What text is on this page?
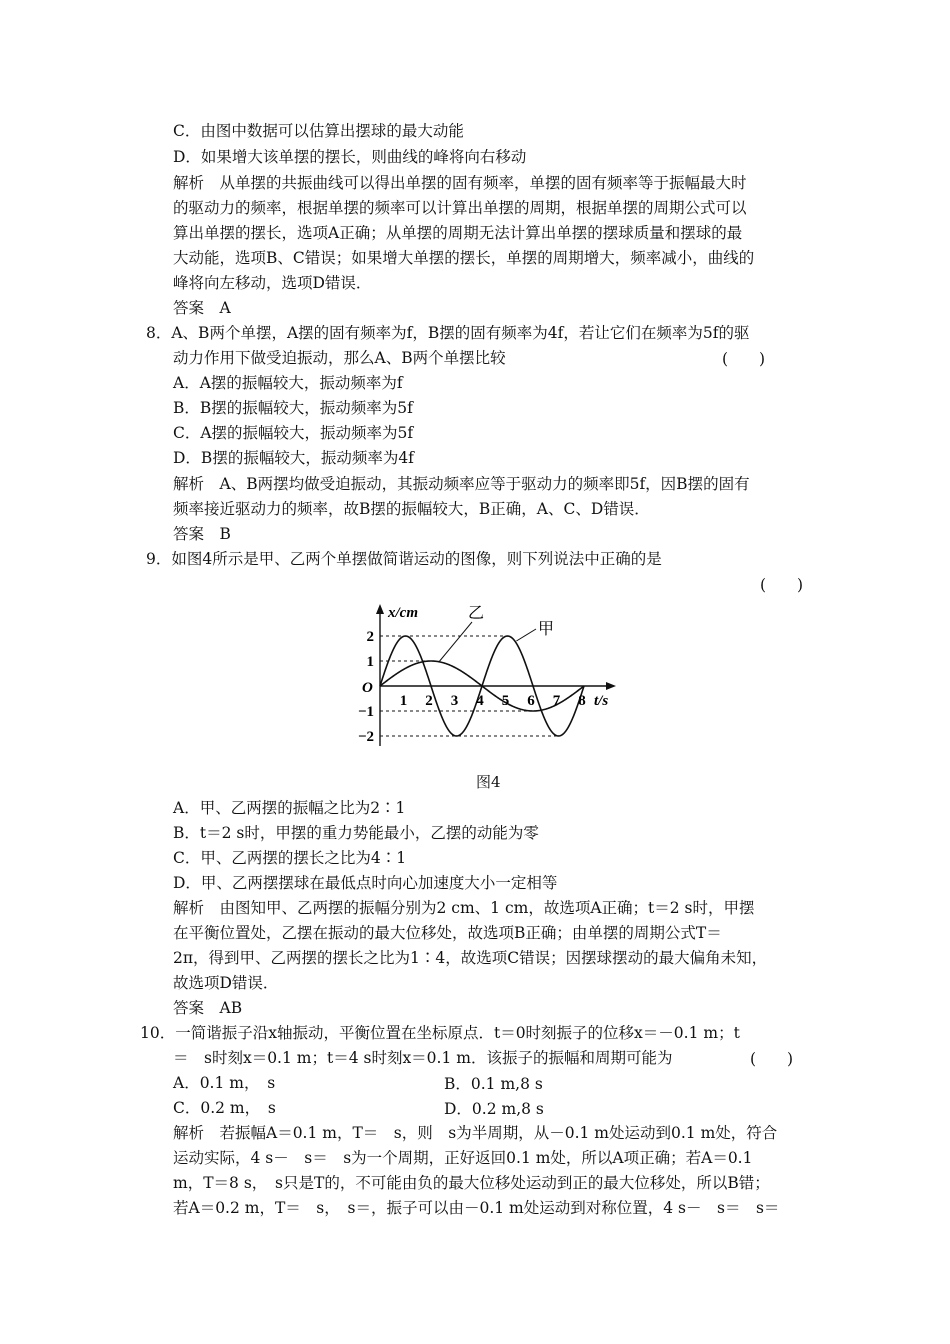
C．由图中数据可以估算出摆球的最大动能
D．如果增大该单摆的摆长，则曲线的峰将向右移动
解析　从单摆的共振曲线可以得出单摆的固有频率，单摆的固有频率等于振幅最大时
的驱动力的频率，根据单摆的频率可以计算出单摆的周期，根据单摆的周期公式可以
算出单摆的摆长，选项A正确；从单摆的周期无法计算出单摆的摆球质量和摆球的最
大动能，选项B、C错误；如果增大单摆的摆长，单摆的周期增大，频率减小，曲线的
峰将向左移动，选项D错误．
答案　A
8．A、B两个单摆，A摆的固有频率为f，B摆的固有频率为4f，若让它们在频率为5f的驱
动力作用下做受迫振动，那么A、B两个单摆比较	(　　)
A．A摆的振幅较大，振动频率为f
B．B摆的振幅较大，振动频率为5f
C．A摆的振幅较大，振动频率为5f
D．B摆的振幅较大，振动频率为4f
解析　A、B两摆均做受迫振动，其振动频率应等于驱动力的频率即5f，因B摆的固有
频率接近驱动力的频率，故B摆的振幅较大，B正确，A、C、D错误．
答案　B
9．如图4所示是甲、乙两个单摆做简谐运动的图像，则下列说法中正确的是
(　　)
x/cm
t/s
O
甲
乙
2
1
−1
−2
1 2 3 4 5 6 7 8
图4
A．甲、乙两摆的振幅之比为2∶1
B．t＝2 s时，甲摆的重力势能最小，乙摆的动能为零
C．甲、乙两摆的摆长之比为4∶1
D．甲、乙两摆摆球在最低点时向心加速度大小一定相等
解析　由图知甲、乙两摆的振幅分别为2 cm、1 cm，故选项A正确；t＝2 s时，甲摆
在平衡位置处，乙摆在振动的最大位移处，故选项B正确；由单摆的周期公式T＝
2π，得到甲、乙两摆的摆长之比为1∶4，故选项C错误；因摆球摆动的最大偏角未知，
故选项D错误．
答案　AB
10．一简谐振子沿x轴振动，平衡位置在坐标原点．t＝0时刻振子的位移x＝－0.1 m；t
＝　s时刻x＝0.1 m；t＝4 s时刻x＝0.1 m．该振子的振幅和周期可能为	(　　)
A．0.1 m，　s	B．0.1 m,8 s
C．0.2 m，　s	D．0.2 m,8 s
解析　若振幅A＝0.1 m，T＝　s，则　s为半周期，从－0.1 m处运动到0.1 m处，符合
运动实际，4 s－　s＝　s为一个周期，正好返回0.1 m处，所以A项正确；若A＝0.1
m，T＝8 s，　s只是T的，不可能由负的最大位移处运动到正的最大位移处，所以B错；
若A＝0.2 m，T＝　s，　s＝，振子可以由－0.1 m处运动到对称位置，4 s－　s＝　s＝
